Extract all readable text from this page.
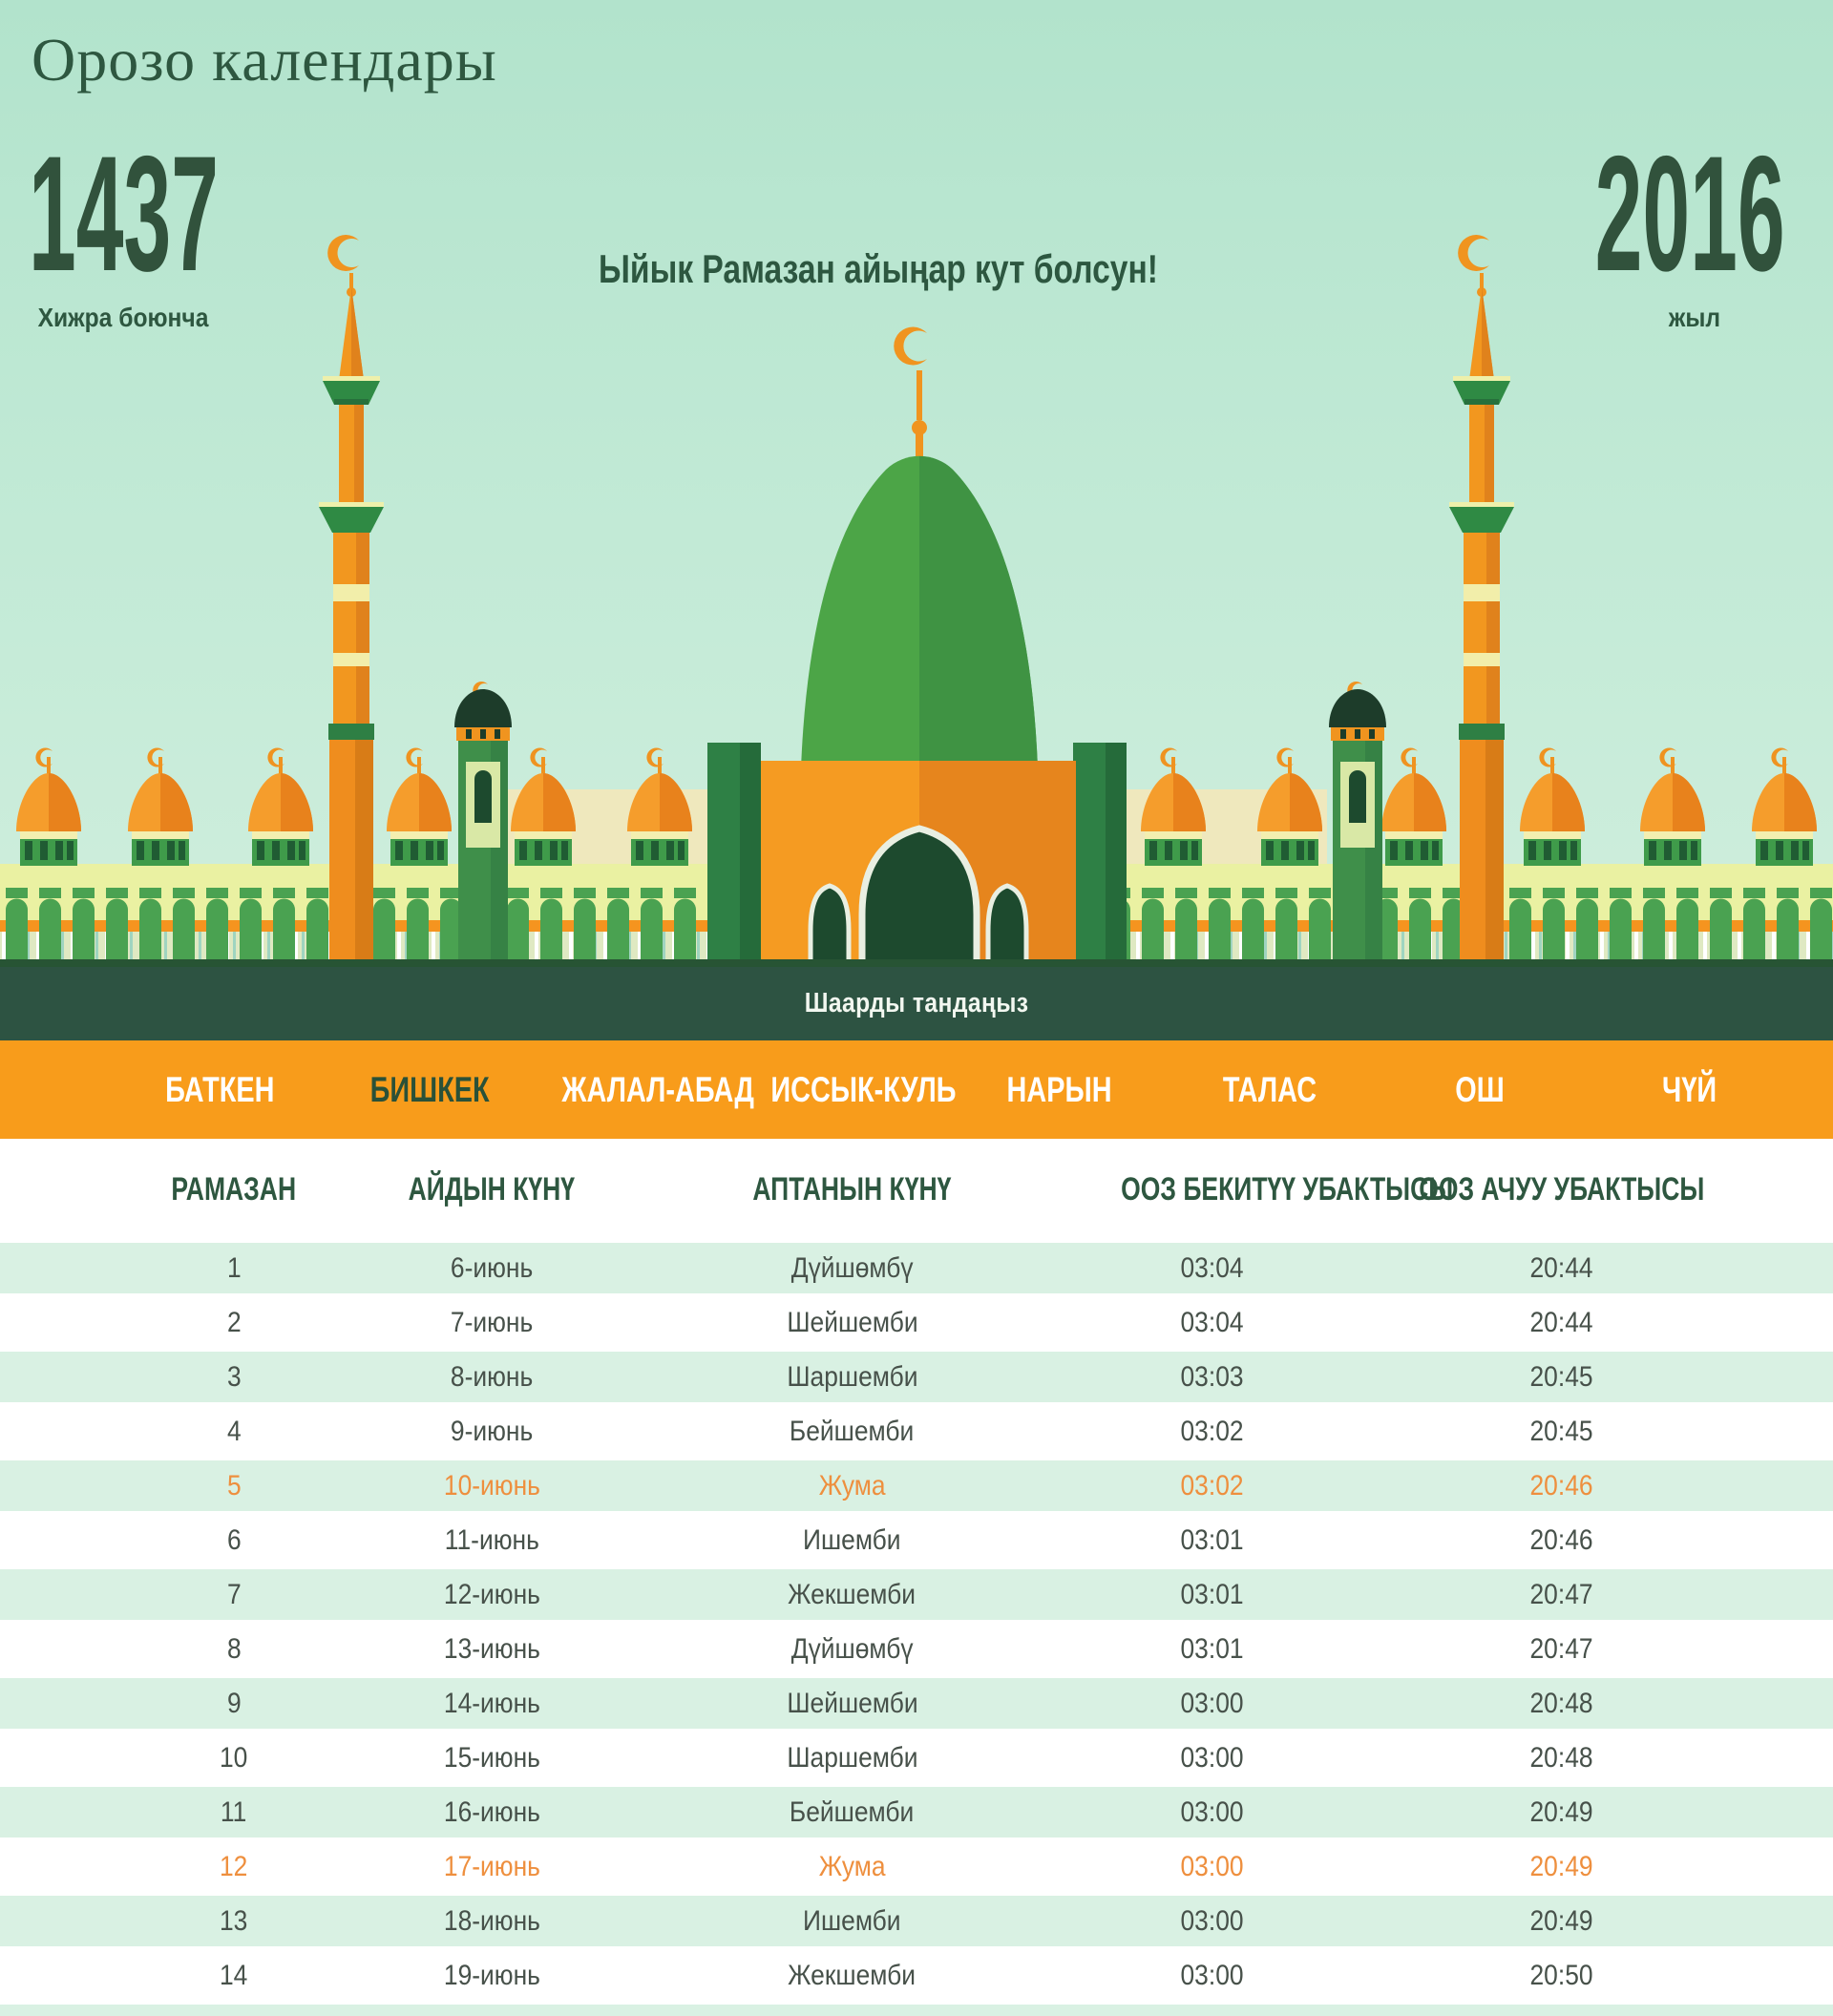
Орозо календары
1437
Хижра боюнча
2016
жыл
Ыйык Рамазан айыңар кут болсун!
Шаарды тандаңыз
БАТКЕН	БИШКЕК	ЖАЛАЛ-АБАД ИССЫК-КУЛЬ	НАРЫН	ТАЛАС	ОШ	ЧҮЙ
РАМАЗАН	АЙДЫН КҮНҮ	АПТАНЫН КҮНҮ	ООЗ БЕКИТҮҮ УБАКТЫСЫ
ООЗ АЧУУ УБАКТЫСЫ
1	6-июнь	Дүйшөмбү	03:04	20:44
2	7-июнь	Шейшемби	03:04	20:44
3	8-июнь	Шаршемби	03:03	20:45
4	9-июнь	Бейшемби	03:02	20:45
5	10-июнь	Жума	03:02	20:46
6	11-июнь	Ишемби	03:01	20:46
7	12-июнь	Жекшемби	03:01	20:47
8	13-июнь	Дүйшөмбү	03:01	20:47
9	14-июнь	Шейшемби	03:00	20:48
10	15-июнь	Шаршемби	03:00	20:48
11	16-июнь	Бейшемби	03:00	20:49
12	17-июнь	Жума	03:00	20:49
13	18-июнь	Ишемби	03:00	20:49
14	19-июнь	Жекшемби	03:00	20:50
